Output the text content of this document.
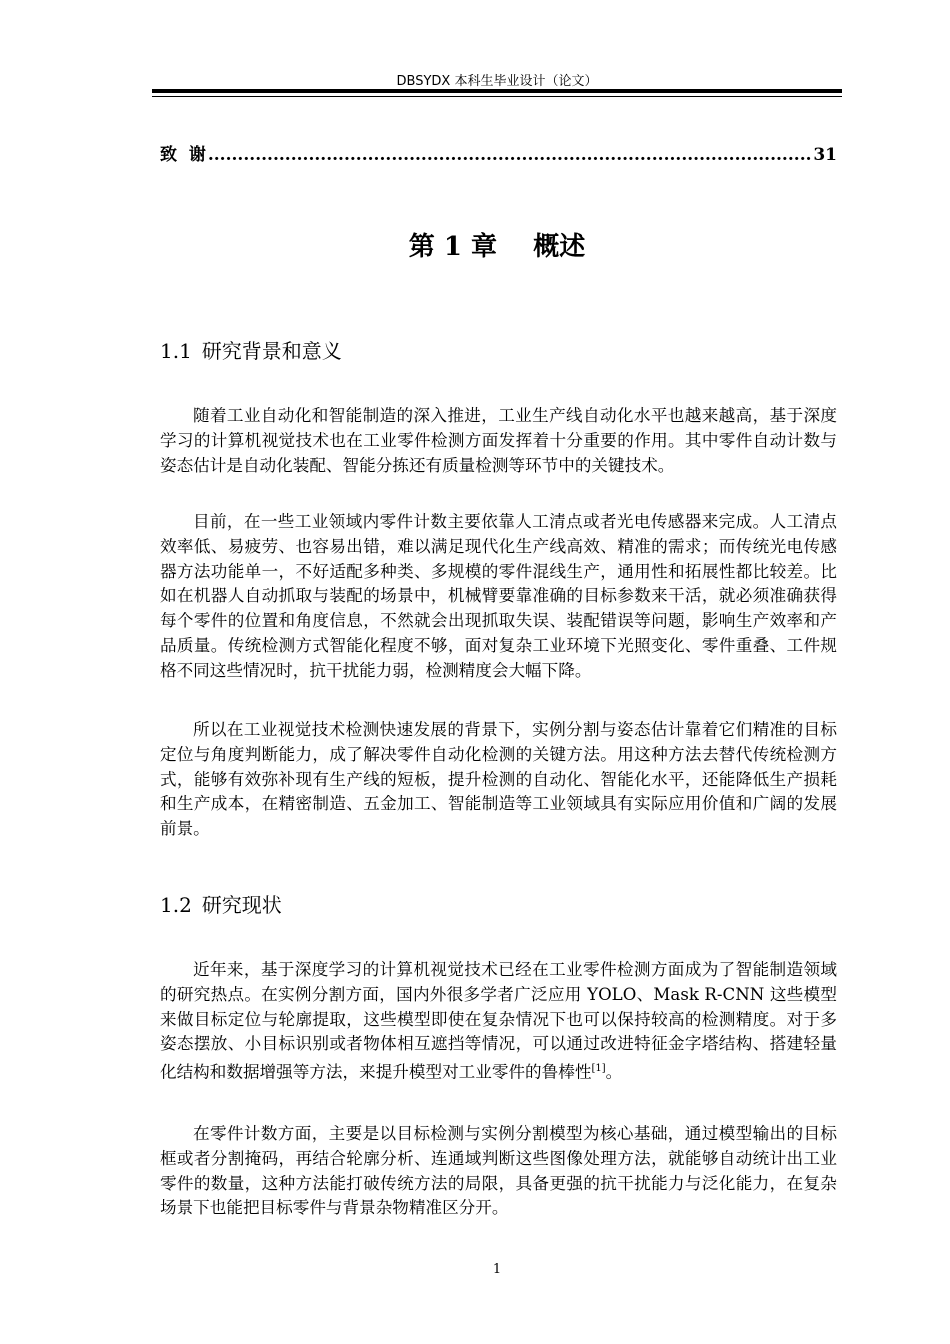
DBSYDX 本科生毕业设计（论文）
致  谢
.....	31
第 1 章    概述
1.1 研究背景和意义

随着工业自动化和智能制造的深入推进，工业生产线自动化水平也越来越高，基于深度学习的计算机视觉技术也在工业零件检测方面发挥着十分重要的作用。其中零件自动计数与姿态估计是自动化装配、智能分拣还有质量检测等环节中的关键技术。

目前，在一些工业领域内零件计数主要依靠人工清点或者光电传感器来完成。人工清点效率低、易疲劳、也容易出错，难以满足现代化生产线高效、精准的需求；而传统光电传感器方法功能单一，不好适配多种类、多规模的零件混线生产，通用性和拓展性都比较差。比如在机器人自动抓取与装配的场景中，机械臂要靠准确的目标参数来干活，就必须准确获得每个零件的位置和角度信息，不然就会出现抓取失误、装配错误等问题，影响生产效率和产品质量。传统检测方式智能化程度不够，面对复杂工业环境下光照变化、零件重叠、工件规格不同这些情况时，抗干扰能力弱，检测精度会大幅下降。

所以在工业视觉技术检测快速发展的背景下，实例分割与姿态估计靠着它们精准的目标定位与角度判断能力，成了解决零件自动化检测的关键方法。用这种方法去替代传统检测方式，能够有效弥补现有生产线的短板，提升检测的自动化、智能化水平，还能降低生产损耗和生产成本，在精密制造、五金加工、智能制造等工业领域具有实际应用价值和广阔的发展前景。

1.2 研究现状

近年来，基于深度学习的计算机视觉技术已经在工业零件检测方面成为了智能制造领域的研究热点。在实例分割方面，国内外很多学者广泛应用 YOLO、Mask R-CNN 这些模型来做目标定位与轮廓提取，这些模型即使在复杂情况下也可以保持较高的检测精度。对于多姿态摆放、小目标识别或者物体相互遮挡等情况，可以通过改进特征金字塔结构、搭建轻量化结构和数据增强等方法，来提升模型对工业零件的鲁棒性[1]。

在零件计数方面，主要是以目标检测与实例分割模型为核心基础，通过模型输出的目标框或者分割掩码，再结合轮廓分析、连通域判断这些图像处理方法，就能够自动统计出工业零件的数量，这种方法能打破传统方法的局限，具备更强的抗干扰能力与泛化能力，在复杂场景下也能把目标零件与背景杂物精准区分开。

1
